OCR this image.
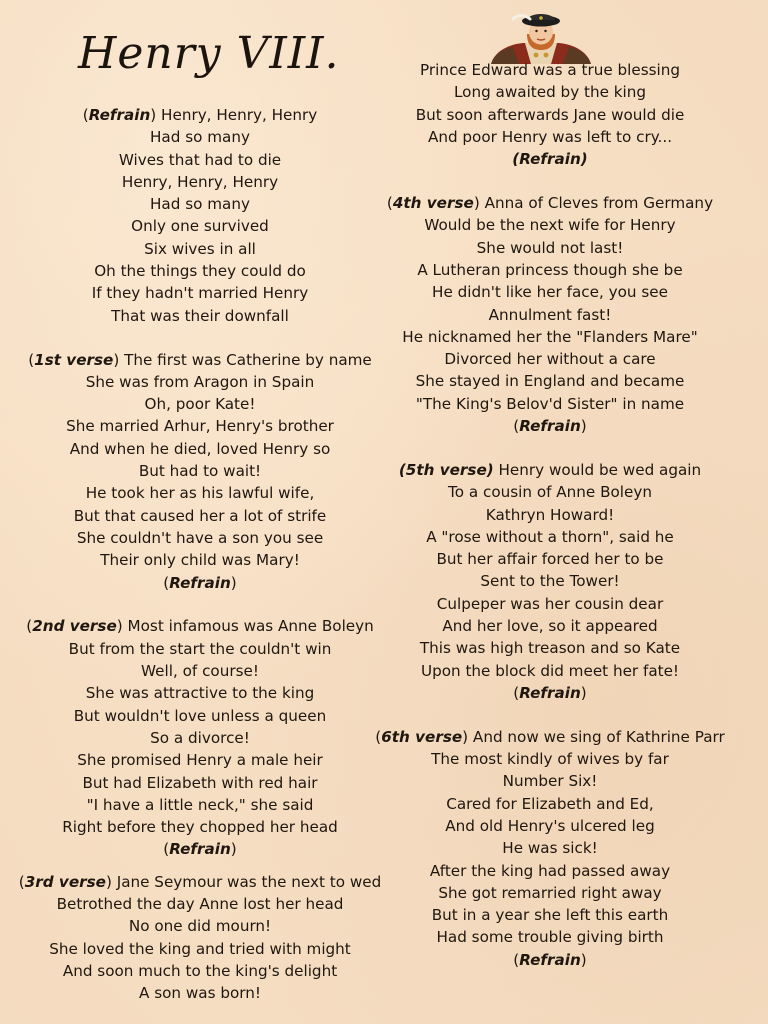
Henry VIII.
(Refrain) Henry, Henry, Henry
Had so many
Wives that had to die
Henry, Henry, Henry
Had so many
Only one survived
Six wives in all
Oh the things they could do
If they hadn't married Henry
That was their downfall
(1st verse) The first was Catherine by name
She was from Aragon in Spain
Oh, poor Kate!
She married Arhur, Henry's brother
And when he died, loved Henry so
But had to wait!
He took her as his lawful wife,
But that caused her a lot of strife
She couldn't have a son you see
Their only child was Mary!
(Refrain)
(2nd verse) Most infamous was Anne Boleyn
But from the start the couldn't win
Well, of course!
She was attractive to the king
But wouldn't love unless a queen
So a divorce!
She promised Henry a male heir
But had Elizabeth with red hair
"I have a little neck," she said
Right before they chopped her head
(Refrain)
(3rd verse) Jane Seymour was the next to wed
Betrothed the day Anne lost her head
No one did mourn!
She loved the king and tried with might
And soon much to the king's delight
A son was born!
Prince Edward was a true blessing
Long awaited by the king
But soon afterwards Jane would die
And poor Henry was left to cry...
(Refrain)
(4th verse) Anna of Cleves from Germany
Would be the next wife for Henry
She would not last!
A Lutheran princess though she be
He didn't like her face, you see
Annulment fast!
He nicknamed her the "Flanders Mare"
Divorced her without a care
She stayed in England and became
"The King's Belov'd Sister" in name
(Refrain)
(5th verse) Henry would be wed again
To a cousin of Anne Boleyn
Kathryn Howard!
A "rose without a thorn", said he
But her affair forced her to be
Sent to the Tower!
Culpeper was her cousin dear
And her love, so it appeared
This was high treason and so Kate
Upon the block did meet her fate!
(Refrain)
(6th verse) And now we sing of Kathrine Parr
The most kindly of wives by far
Number Six!
Cared for Elizabeth and Ed,
And old Henry's ulcered leg
He was sick!
After the king had passed away
She got remarried right away
But in a year she left this earth
Had some trouble giving birth
(Refrain)
